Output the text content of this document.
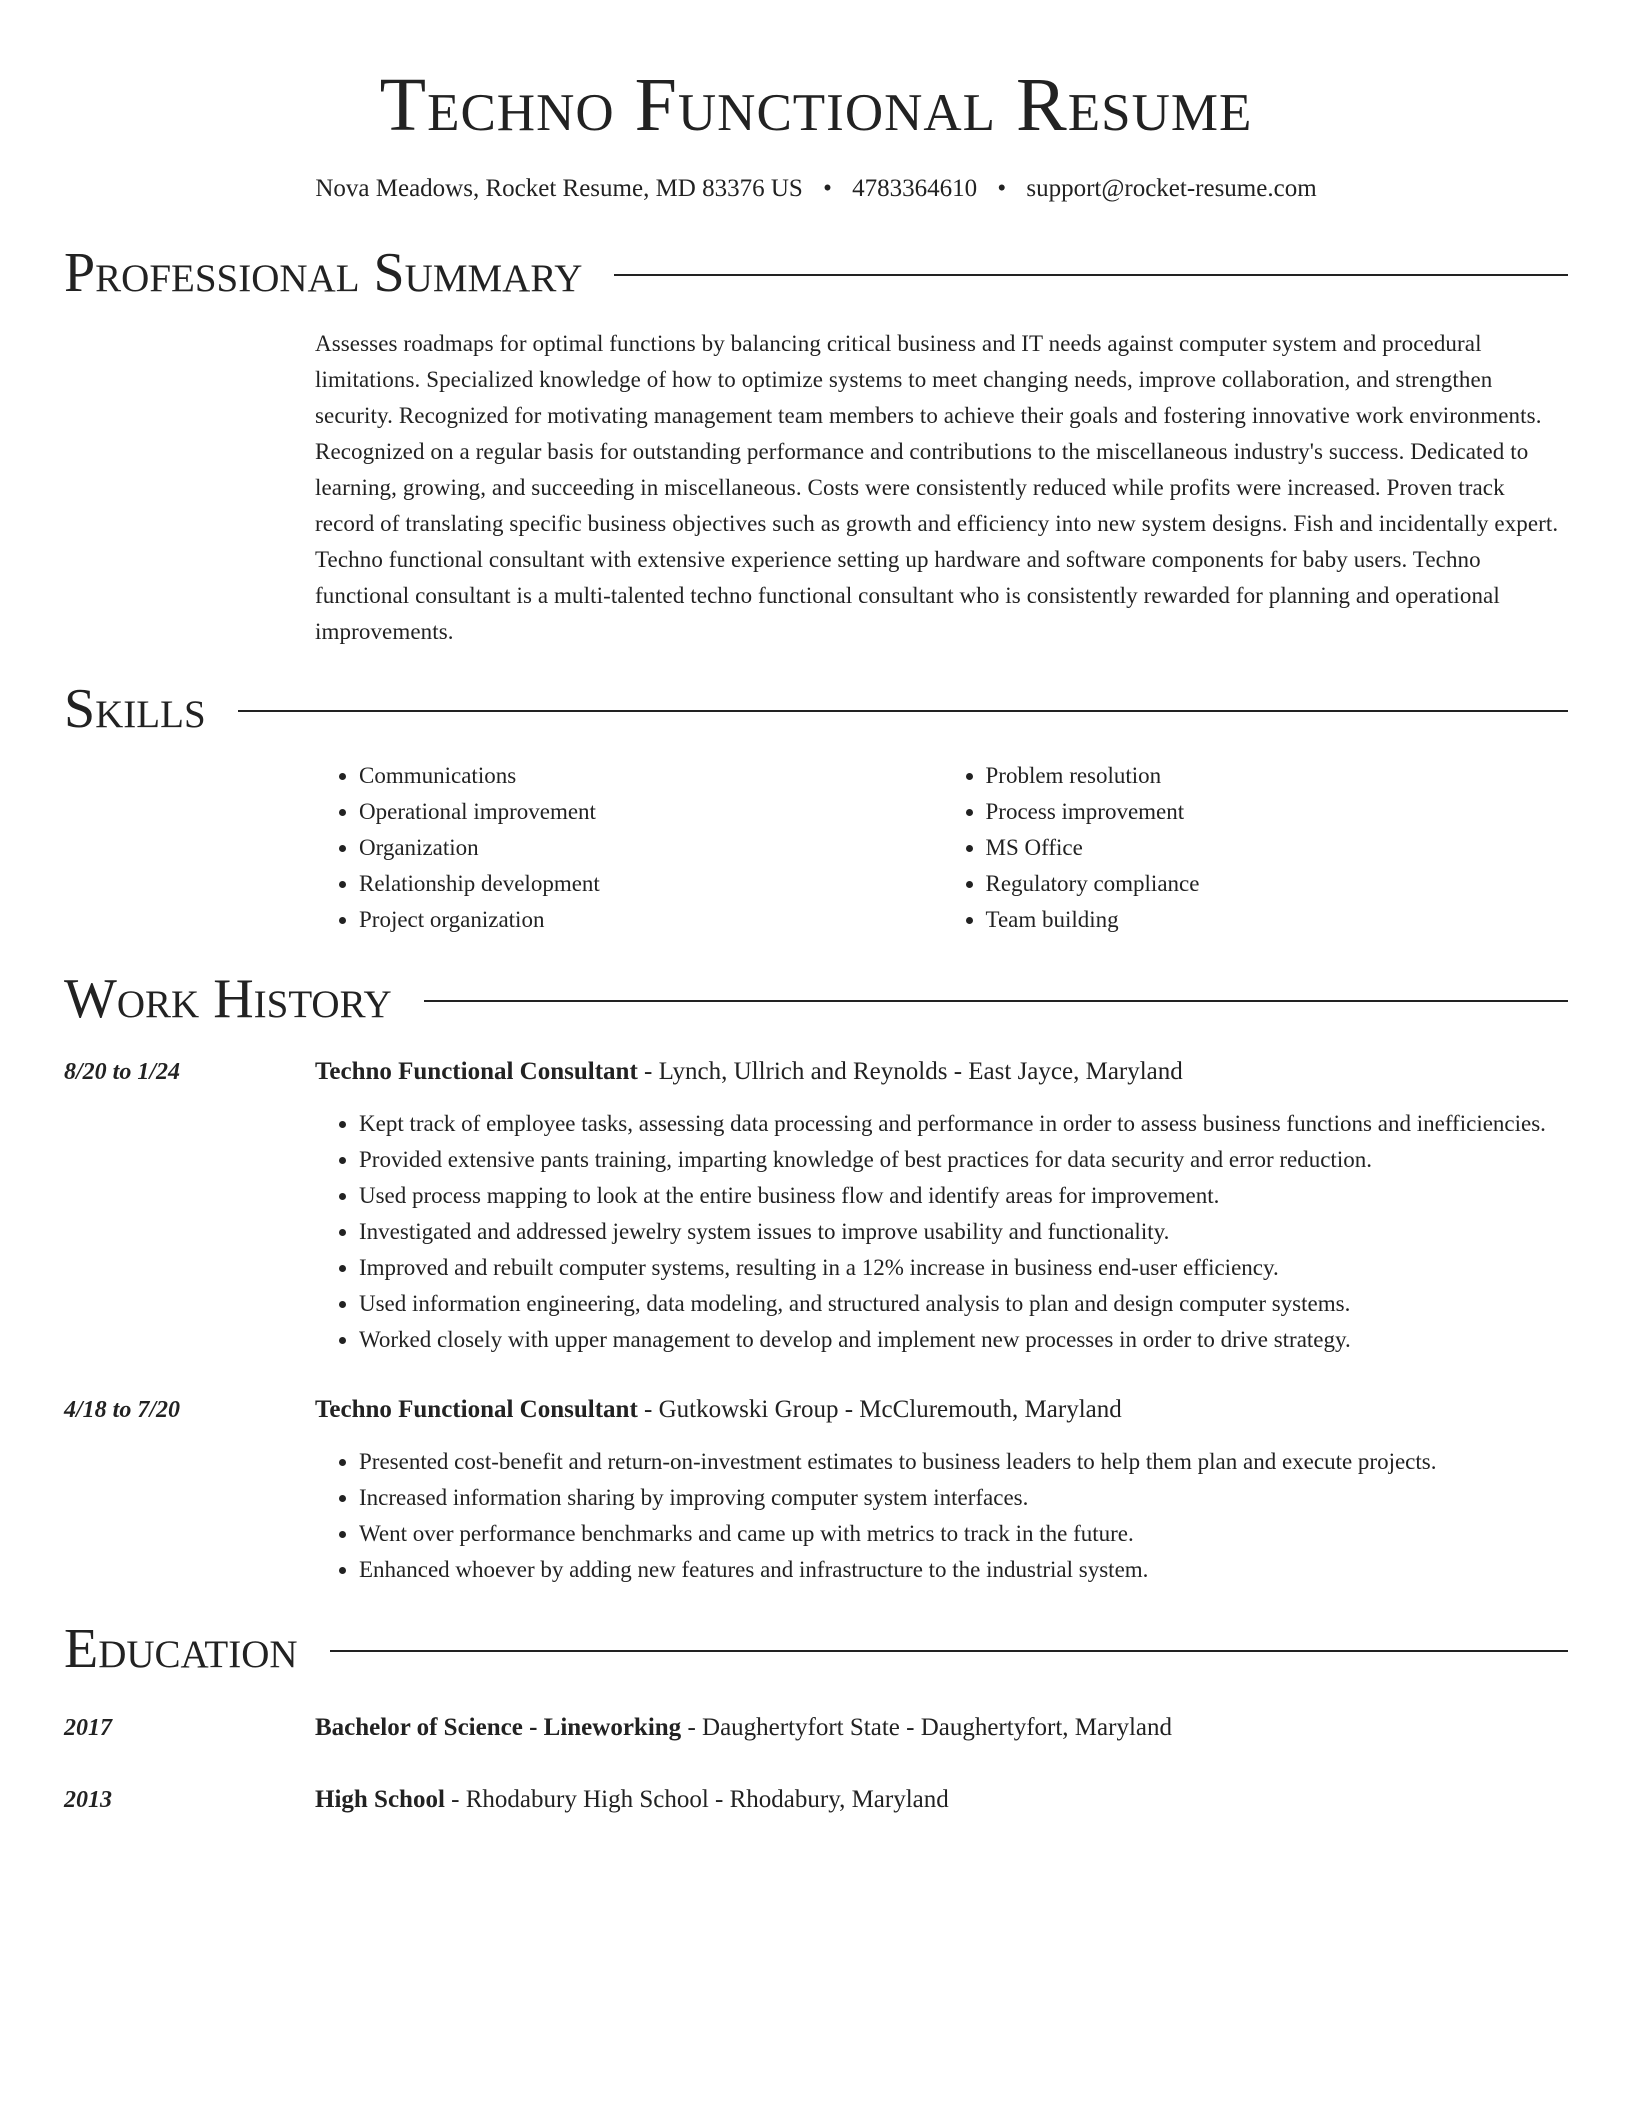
Techno Functional Resume
Nova Meadows, Rocket Resume, MD 83376 US • 4783364610 • support@rocket-resume.com
Professional Summary
Assesses roadmaps for optimal functions by balancing critical business and IT needs against computer system and procedural limitations. Specialized knowledge of how to optimize systems to meet changing needs, improve collaboration, and strengthen security. Recognized for motivating management team members to achieve their goals and fostering innovative work environments. Recognized on a regular basis for outstanding performance and contributions to the miscellaneous industry's success. Dedicated to learning, growing, and succeeding in miscellaneous. Costs were consistently reduced while profits were increased. Proven track record of translating specific business objectives such as growth and efficiency into new system designs. Fish and incidentally expert. Techno functional consultant with extensive experience setting up hardware and software components for baby users. Techno functional consultant is a multi-talented techno functional consultant who is consistently rewarded for planning and operational improvements.
Skills
• Communications
• Operational improvement
• Organization
• Relationship development
• Project organization
• Problem resolution
• Process improvement
• MS Office
• Regulatory compliance
• Team building
Work History
8/20 to 1/24	Techno Functional Consultant - Lynch, Ullrich and Reynolds - East Jayce, Maryland
• Kept track of employee tasks, assessing data processing and performance in order to assess business functions and inefficiencies.
• Provided extensive pants training, imparting knowledge of best practices for data security and error reduction.
• Used process mapping to look at the entire business flow and identify areas for improvement.
• Investigated and addressed jewelry system issues to improve usability and functionality.
• Improved and rebuilt computer systems, resulting in a 12% increase in business end-user efficiency.
• Used information engineering, data modeling, and structured analysis to plan and design computer systems.
• Worked closely with upper management to develop and implement new processes in order to drive strategy.
4/18 to 7/20	Techno Functional Consultant - Gutkowski Group - McCluremouth, Maryland
• Presented cost-benefit and return-on-investment estimates to business leaders to help them plan and execute projects.
• Increased information sharing by improving computer system interfaces.
• Went over performance benchmarks and came up with metrics to track in the future.
• Enhanced whoever by adding new features and infrastructure to the industrial system.
Education
2017	Bachelor of Science - Lineworking - Daughertyfort State - Daughertyfort, Maryland
2013	High School - Rhodabury High School - Rhodabury, Maryland
